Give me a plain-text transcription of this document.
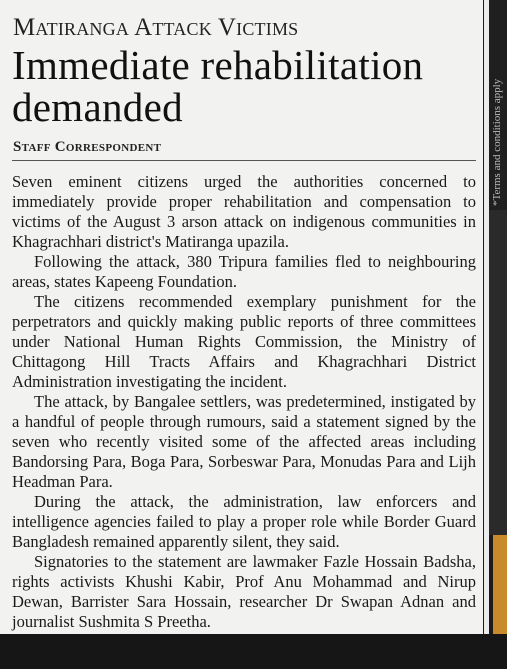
Matiranga Attack Victims
Immediate rehabilitation demanded
Staff Correspondent

Seven eminent citizens urged the authorities concerned to immediately provide proper rehabilitation and compensation to victims of the August 3 arson attack on indigenous communities in Khagrachhari district's Matiranga upazila.

Following the attack, 380 Tripura families fled to neighbouring areas, states Kapeeng Foundation.

The citizens recommended exemplary punishment for the perpetrators and quickly making public reports of three committees under National Human Rights Commission, the Ministry of Chittagong Hill Tracts Affairs and Khagrachhari District Administration investigating the incident.

The attack, by Bangalee settlers, was predetermined, instigated by a handful of people through rumours, said a statement signed by the seven who recently visited some of the affected areas including Bandorsing Para, Boga Para, Sorbeswar Para, Monudas Para and Lijh Headman Para.

During the attack, the administration, law enforcers and intelligence agencies failed to play a proper role while Border Guard Bangladesh remained apparently silent, they said.

Signatories to the statement are lawmaker Fazle Hossain Badsha, rights activists Khushi Kabir, Prof Anu Mohammad and Nirup Dewan, Barrister Sara Hossain, researcher Dr Swapan Adnan and journalist Sushmita S Preetha.

*Terms and conditions apply
